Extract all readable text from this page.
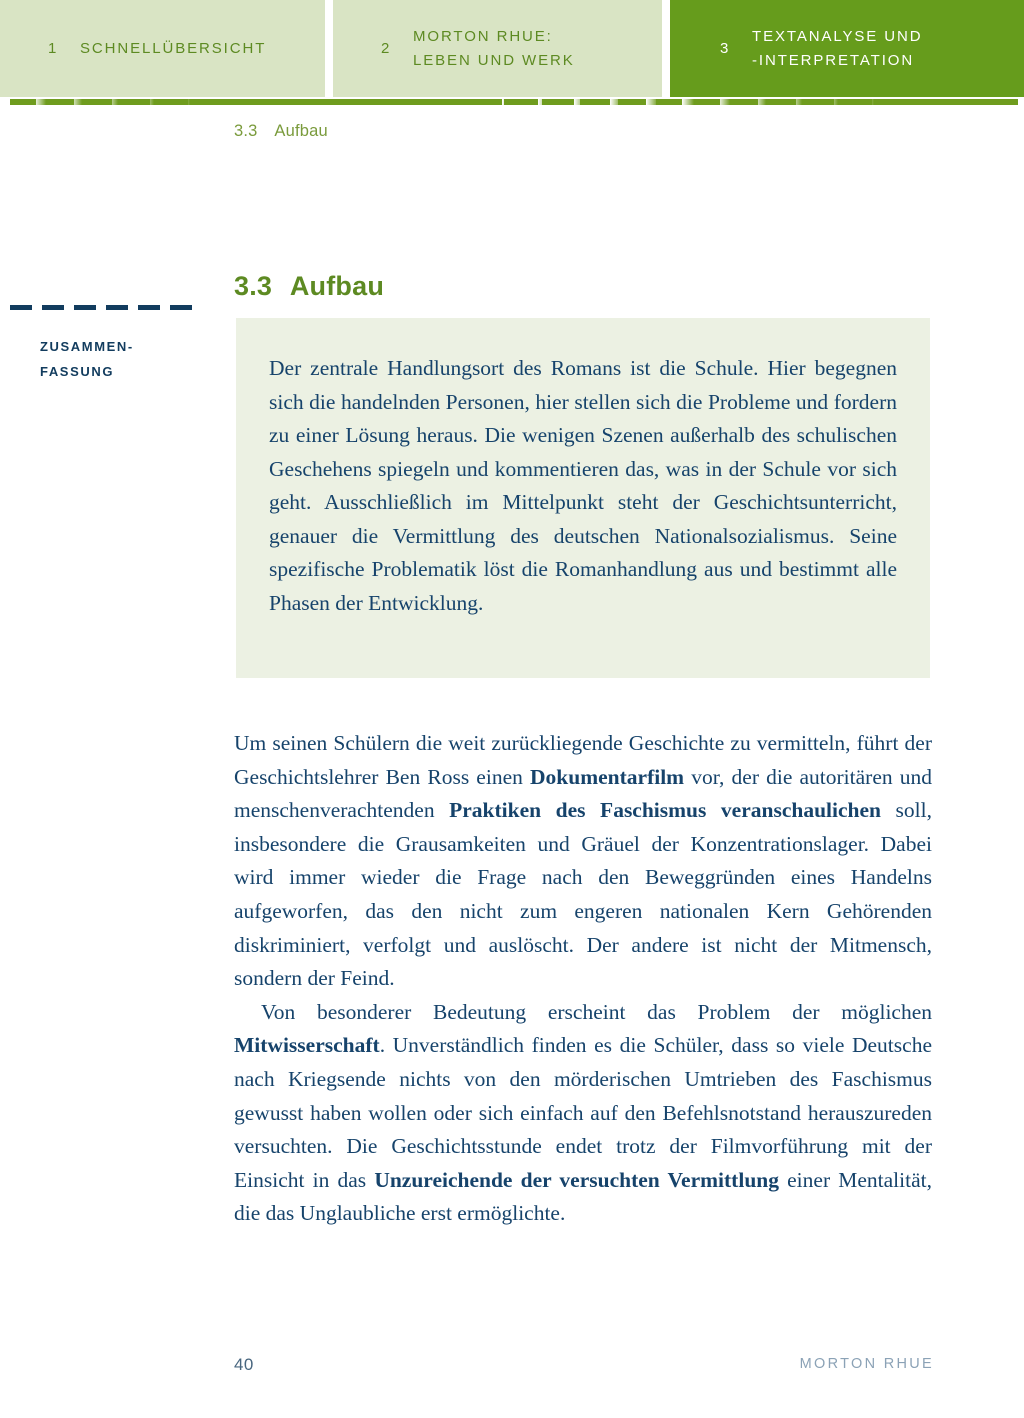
1	SCHNELLÜBERSICHT	2
MORTON RHUE:
LEBEN UND WERK
3
TEXTANALYSE UND
-INTERPRETATION
3.3 Aufbau
3.3 Aufbau
ZUSAMMEN-
FASSUNG	Der zentrale Handlungsort des Romans ist die Schule. Hier begegnen sich die handelnden Personen, hier stellen sich die Probleme und fordern zu einer Lösung heraus. Die wenigen Szenen außerhalb des schulischen Geschehens spiegeln und kommentieren das, was in der Schule vor sich geht. Ausschließlich im Mittelpunkt steht der Geschichtsunterricht, genauer die Vermittlung des deutschen Nationalsozialismus. Seine spezifische Problematik löst die Romanhandlung aus und bestimmt alle Phasen der Entwicklung.

Um seinen Schülern die weit zurückliegende Geschichte zu vermitteln, führt der Geschichtslehrer Ben Ross einen Dokumentarfilm vor, der die autoritären und menschenverachtenden Praktiken des Faschismus veranschaulichen soll, insbesondere die Grausamkeiten und Gräuel der Konzentrationslager. Dabei wird immer wieder die Frage nach den Beweggründen eines Handelns aufgeworfen, das den nicht zum engeren nationalen Kern Gehörenden diskriminiert, verfolgt und auslöscht. Der andere ist nicht der Mitmensch, sondern der Feind.

Von besonderer Bedeutung erscheint das Problem der möglichen Mitwisserschaft. Unverständlich finden es die Schüler, dass so viele Deutsche nach Kriegsende nichts von den mörderischen Umtrieben des Faschismus gewusst haben wollen oder sich einfach auf den Befehlsnotstand herauszureden versuchten. Die Geschichtsstunde endet trotz der Filmvorführung mit der Einsicht in das Unzureichende der versuchten Vermittlung einer Mentalität, die das Unglaubliche erst ermöglichte.

40	MORTON RHUE
